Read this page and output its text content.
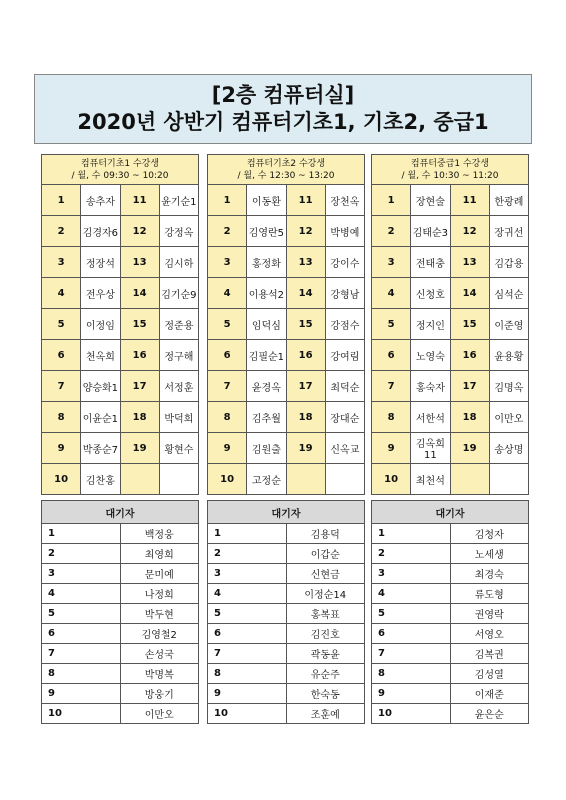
[2층 컴퓨터실]
2020년 상반기 컴퓨터기초1, 기초2, 중급1
컴퓨터기초1 수강생
/ 월, 수 09:30 ~ 10:20			

1	송추자	11	윤기순1
2	김경자6	12	강정옥
3	정장석	13	김시하
4	전우상	14	김기순9
5	이정임	15	정준용
6	천옥희	16	정구해
7	양승화1	17	서정훈
8	이윤순1	18	박덕희
9	박종순7	19	황현수
10	김찬홍		
대기자	
1	백정웅
2	최영희
3	문미예
4	나정희
5	박두현
6	김영철2
7	손성국
8	박명복
9	방웅기
10	이만오
컴퓨터기초2 수강생
/ 월, 수 12:30 ~ 13:20			

1	이동환	11	장천옥
2	김영란5	12	박병예
3	홍정화	13	강이수
4	이용석2	14	강형남
5	임덕심	15	강점수
6	김필순1	16	강여림
7	윤경옥	17	최덕순
8	김추월	18	장대순
9	김원출	19	신옥교
10	고정순		
대기자	
1	김용덕
2	이갑순
3	신현금
4	이정순14
5	홍복표
6	김진호
7	곽동윤
8	유순주
9	한숙동
10	조훈예
컴퓨터중급1 수강생
/ 월, 수 10:30 ~ 11:20			

1	장현술	11	한광례
2	김태순3	12	장귀선
3	전태충	13	김갑용
4	신청호	14	심석순
5	정지인	15	이준영
6	노영숙	16	윤용황
7	홍숙자	17	김명옥
8	서한석	18	이만오
9	김옥희11	19	송상명
10	최천석		
대기자	
1	김청자
2	노세생
3	최경숙
4	류도형
5	권영락
6	서영오
7	김복권
8	김성열
9	이재준
10	윤은순
